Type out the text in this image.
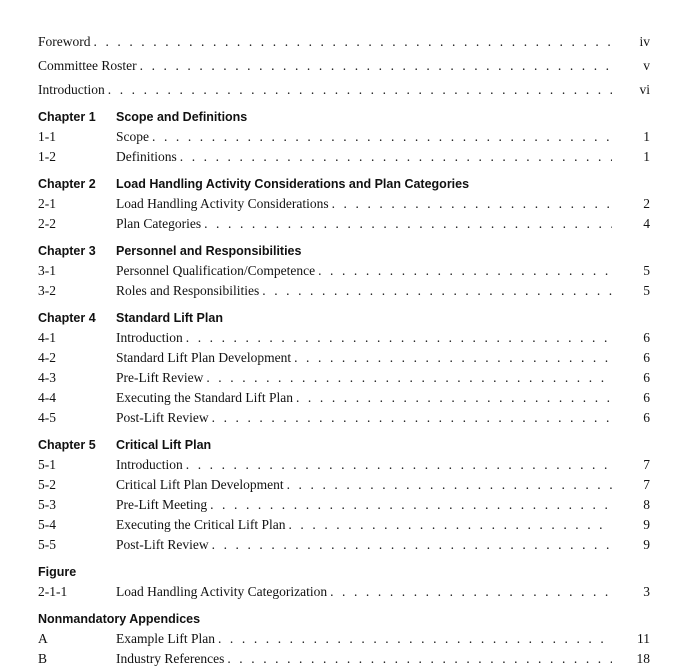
Foreword . . .	iv
Committee Roster . . .	v
Introduction . . .	vi
Chapter 1 Scope and Definitions
1-1	Scope . . .	1
1-2	Definitions . . .	1
Chapter 2 Load Handling Activity Considerations and Plan Categories
2-1	Load Handling Activity Considerations . . .	2
2-2	Plan Categories . . .	4
Chapter 3 Personnel and Responsibilities
3-1	Personnel Qualification/Competence . . .	5
3-2	Roles and Responsibilities . . .	5
Chapter 4 Standard Lift Plan
4-1	Introduction . . .	6
4-2	Standard Lift Plan Development . . .	6
4-3	Pre-Lift Review . . .	6
4-4	Executing the Standard Lift Plan . . .	6
4-5	Post-Lift Review . . .	6
Chapter 5 Critical Lift Plan
5-1	Introduction . . .	7
5-2	Critical Lift Plan Development . . .	7
5-3	Pre-Lift Meeting . . .	8
5-4	Executing the Critical Lift Plan . . .	9
5-5	Post-Lift Review . . .	9
Figure
2-1-1	Load Handling Activity Categorization . . .	3
Nonmandatory Appendices
A	Example Lift Plan . . .	11
B	Industry References . . .	18
